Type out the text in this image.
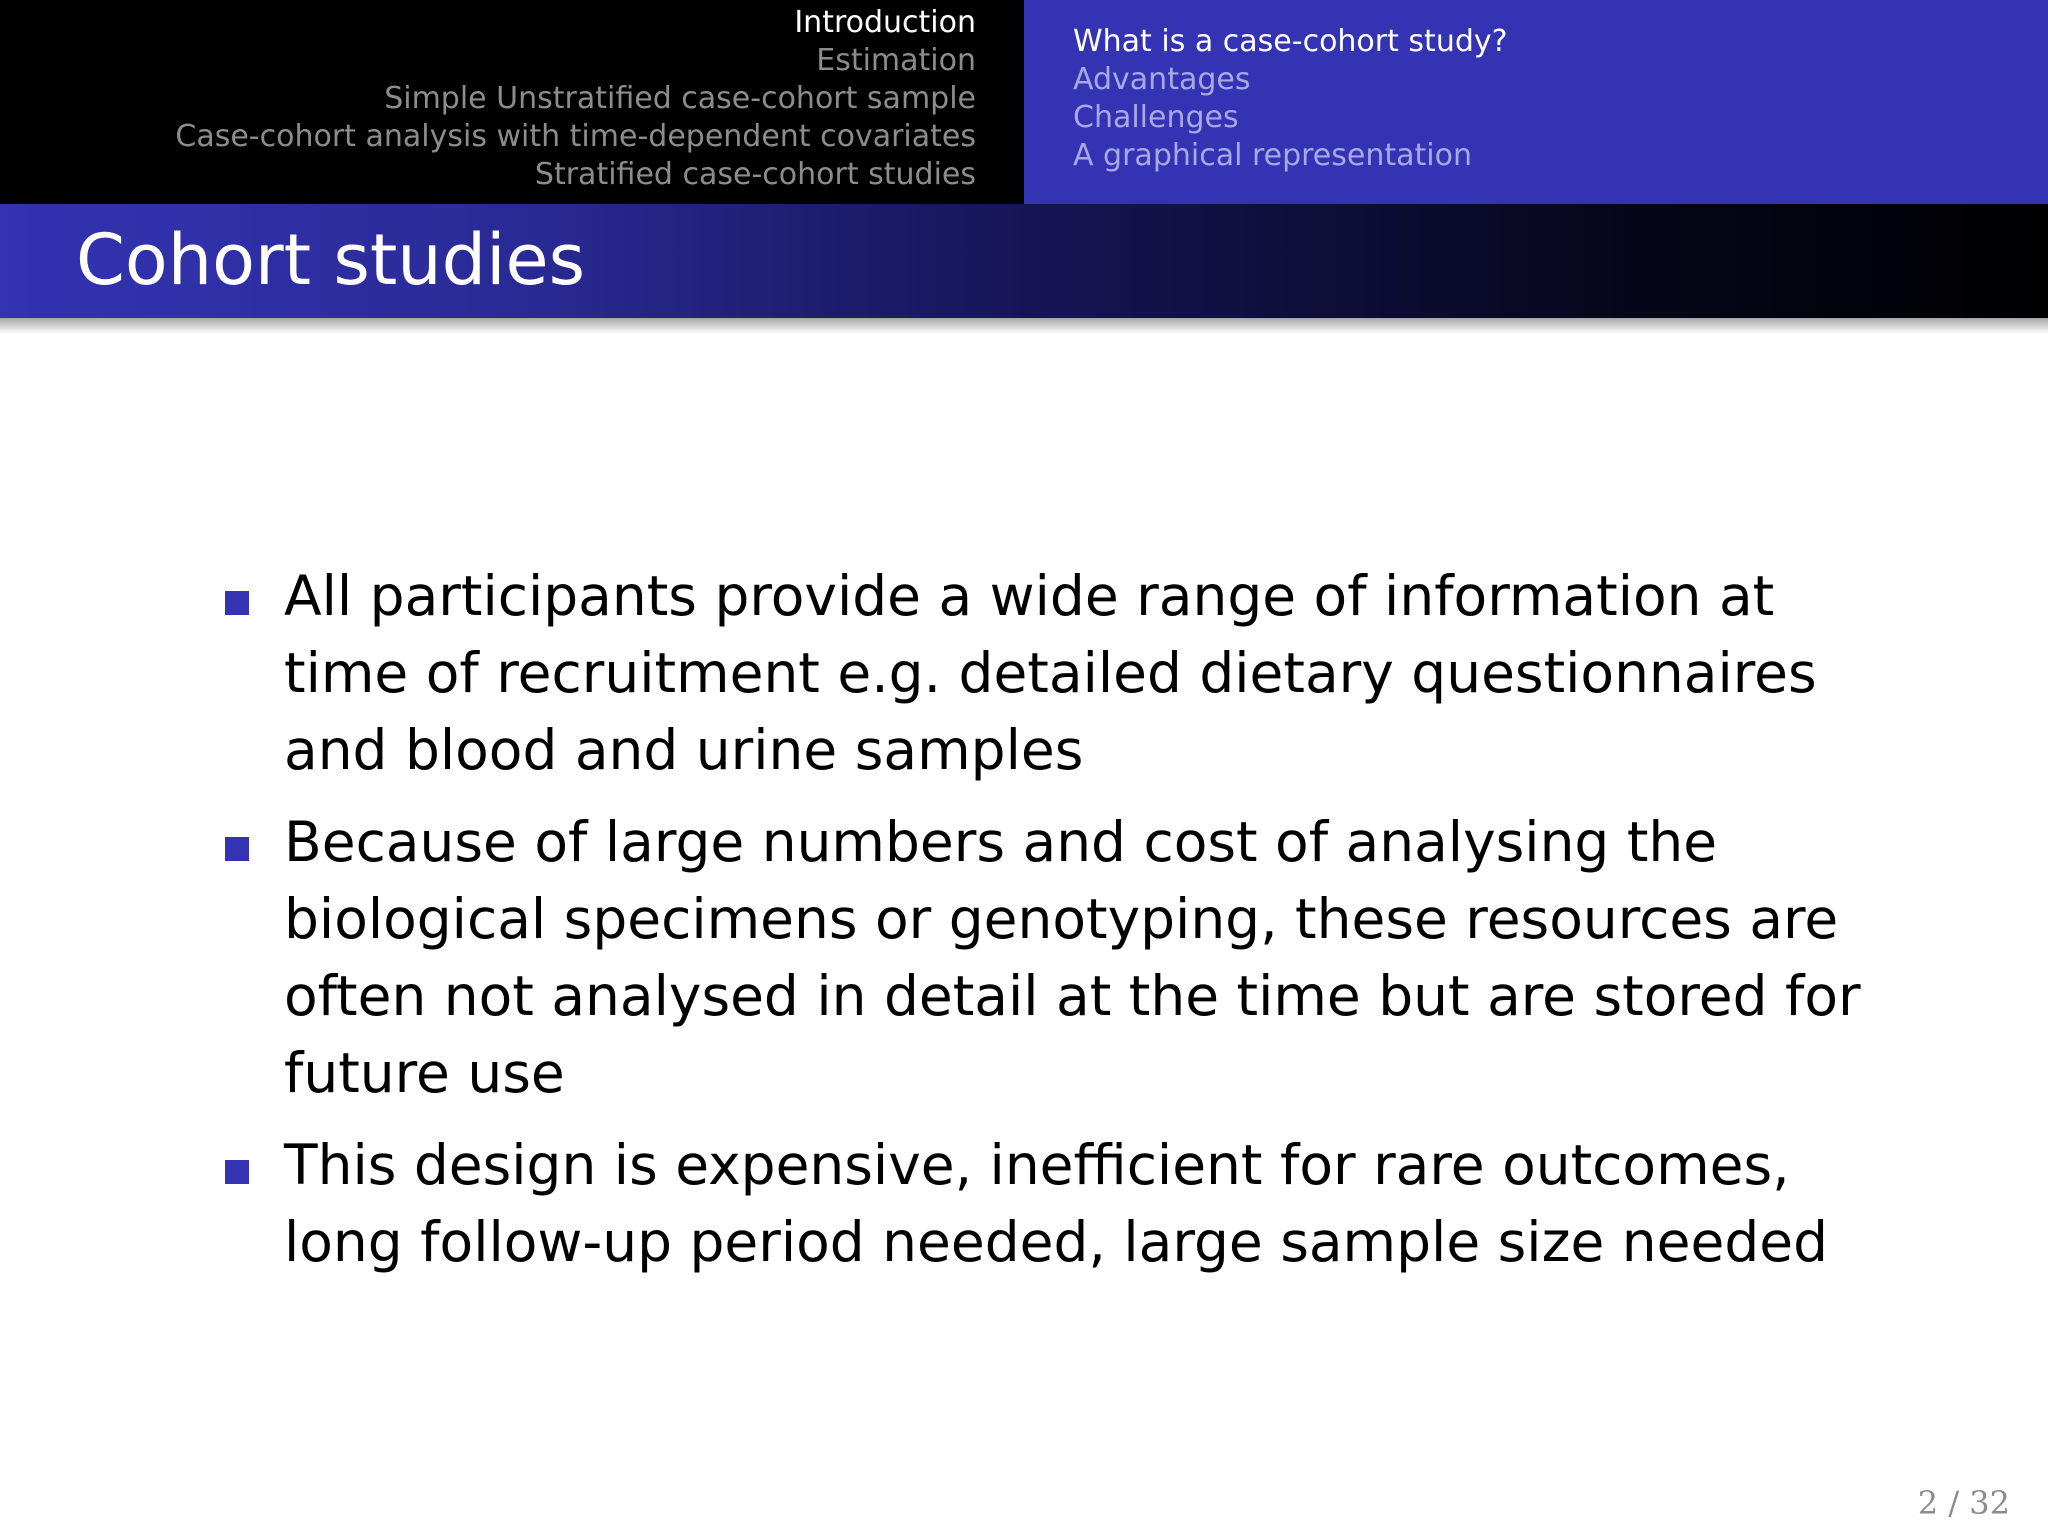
Introduction
Estimation
Simple Unstratified case-cohort sample
Case-cohort analysis with time-dependent covariates
Stratified case-cohort studies
What is a case-cohort study?
Advantages
Challenges
A graphical representation
Cohort studies
All participants provide a wide range of information at time of recruitment e.g. detailed dietary questionnaires and blood and urine samples
Because of large numbers and cost of analysing the biological specimens or genotyping, these resources are often not analysed in detail at the time but are stored for future use
This design is expensive, inefficient for rare outcomes, long follow-up period needed, large sample size needed
2 / 32
